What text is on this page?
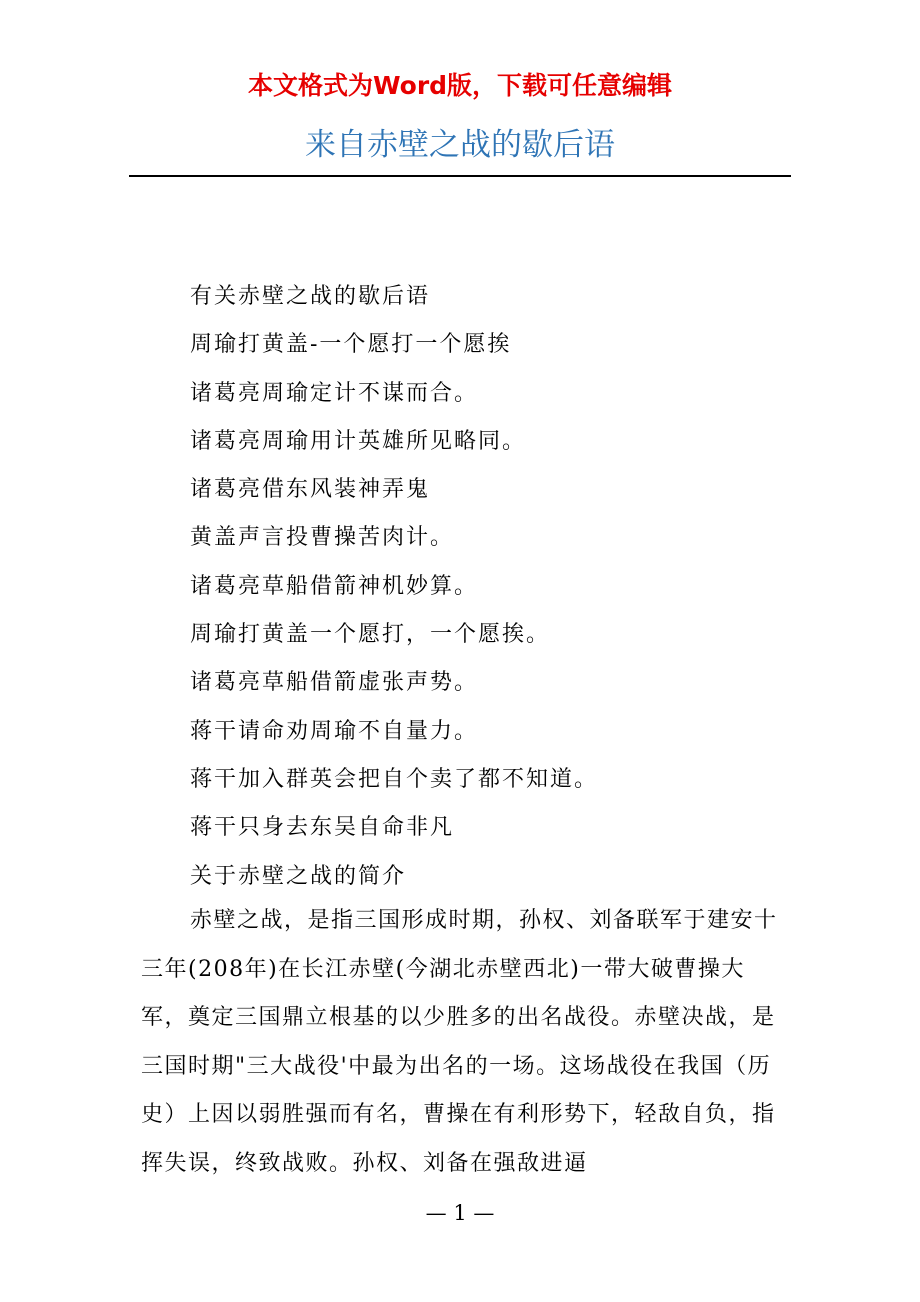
本文格式为Word版，下载可任意编辑
来自赤壁之战的歇后语
有关赤壁之战的歇后语
周瑜打黄盖-一个愿打一个愿挨
诸葛亮周瑜定计不谋而合。
诸葛亮周瑜用计英雄所见略同。
诸葛亮借东风装神弄鬼
黄盖声言投曹操苦肉计。
诸葛亮草船借箭神机妙算。
周瑜打黄盖一个愿打，一个愿挨。
诸葛亮草船借箭虚张声势。
蒋干请命劝周瑜不自量力。
蒋干加入群英会把自个卖了都不知道。
蒋干只身去东吴自命非凡
关于赤壁之战的简介

赤壁之战，是指三国形成时期，孙权、刘备联军于建安十三年(208年)在长江赤壁(今湖北赤壁西北)一带大破曹操大军，奠定三国鼎立根基的以少胜多的出名战役。赤壁决战，是三国时期"三大战役'中最为出名的一场。这场战役在我国（历史）上因以弱胜强而有名，曹操在有利形势下，轻敌自负，指挥失误，终致战败。孙权、刘备在强敌进逼

— 1 —
